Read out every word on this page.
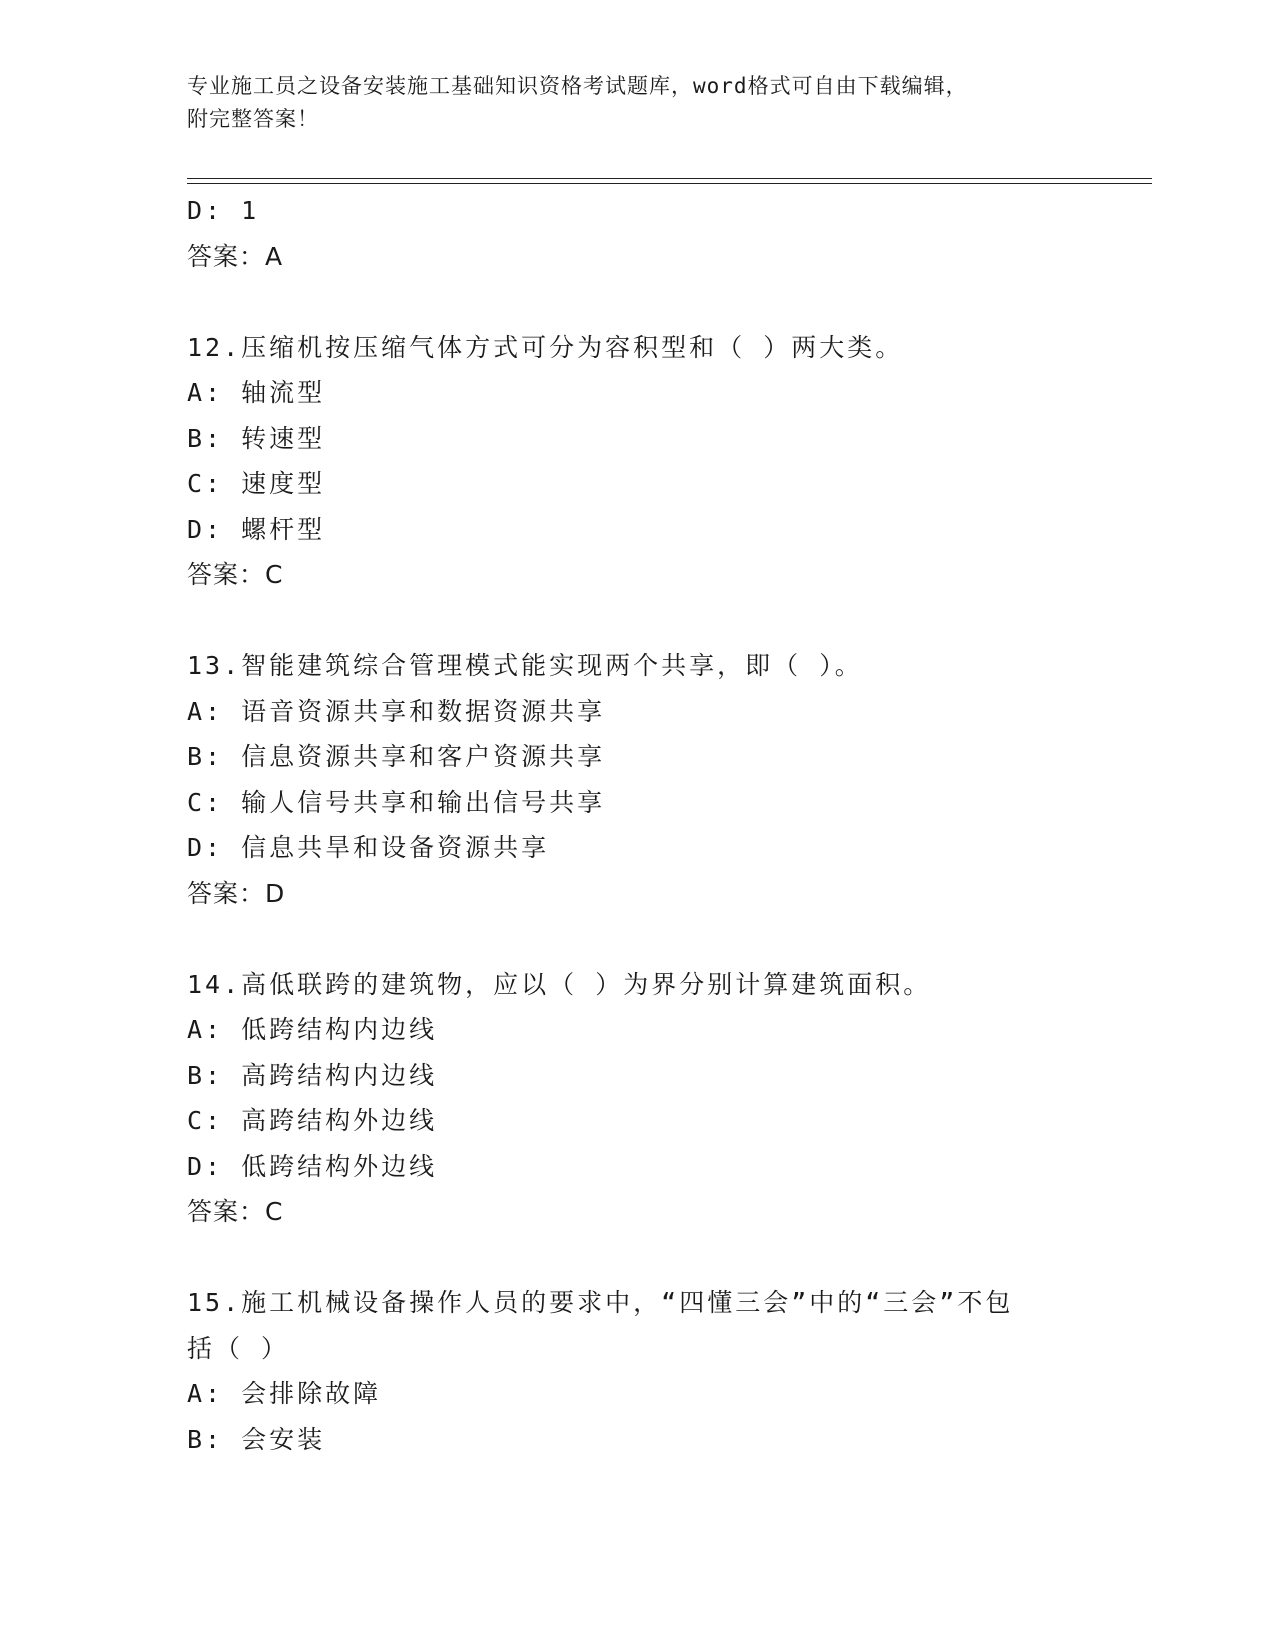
专业施工员之设备安装施工基础知识资格考试题库，word格式可自由下载编辑，
附完整答案！
D: 1
答案：A
12.压缩机按压缩气体方式可分为容积型和（ ）两大类。
A: 轴流型
B: 转速型
C: 速度型
D: 螺杆型
答案：C
13.智能建筑综合管理模式能实现两个共享，即（ ）。
A: 语音资源共享和数据资源共享
B: 信息资源共享和客户资源共享
C: 输人信号共享和输出信号共享
D: 信息共旱和设备资源共享
答案：D
14.高低联跨的建筑物，应以（ ）为界分别计算建筑面积。
A: 低跨结构内边线
B: 高跨结构内边线
C: 高跨结构外边线
D: 低跨结构外边线
答案：C
15.施工机械设备操作人员的要求中，“四懂三会”中的“三会”不包
括（ ）
A: 会排除故障
B: 会安装
